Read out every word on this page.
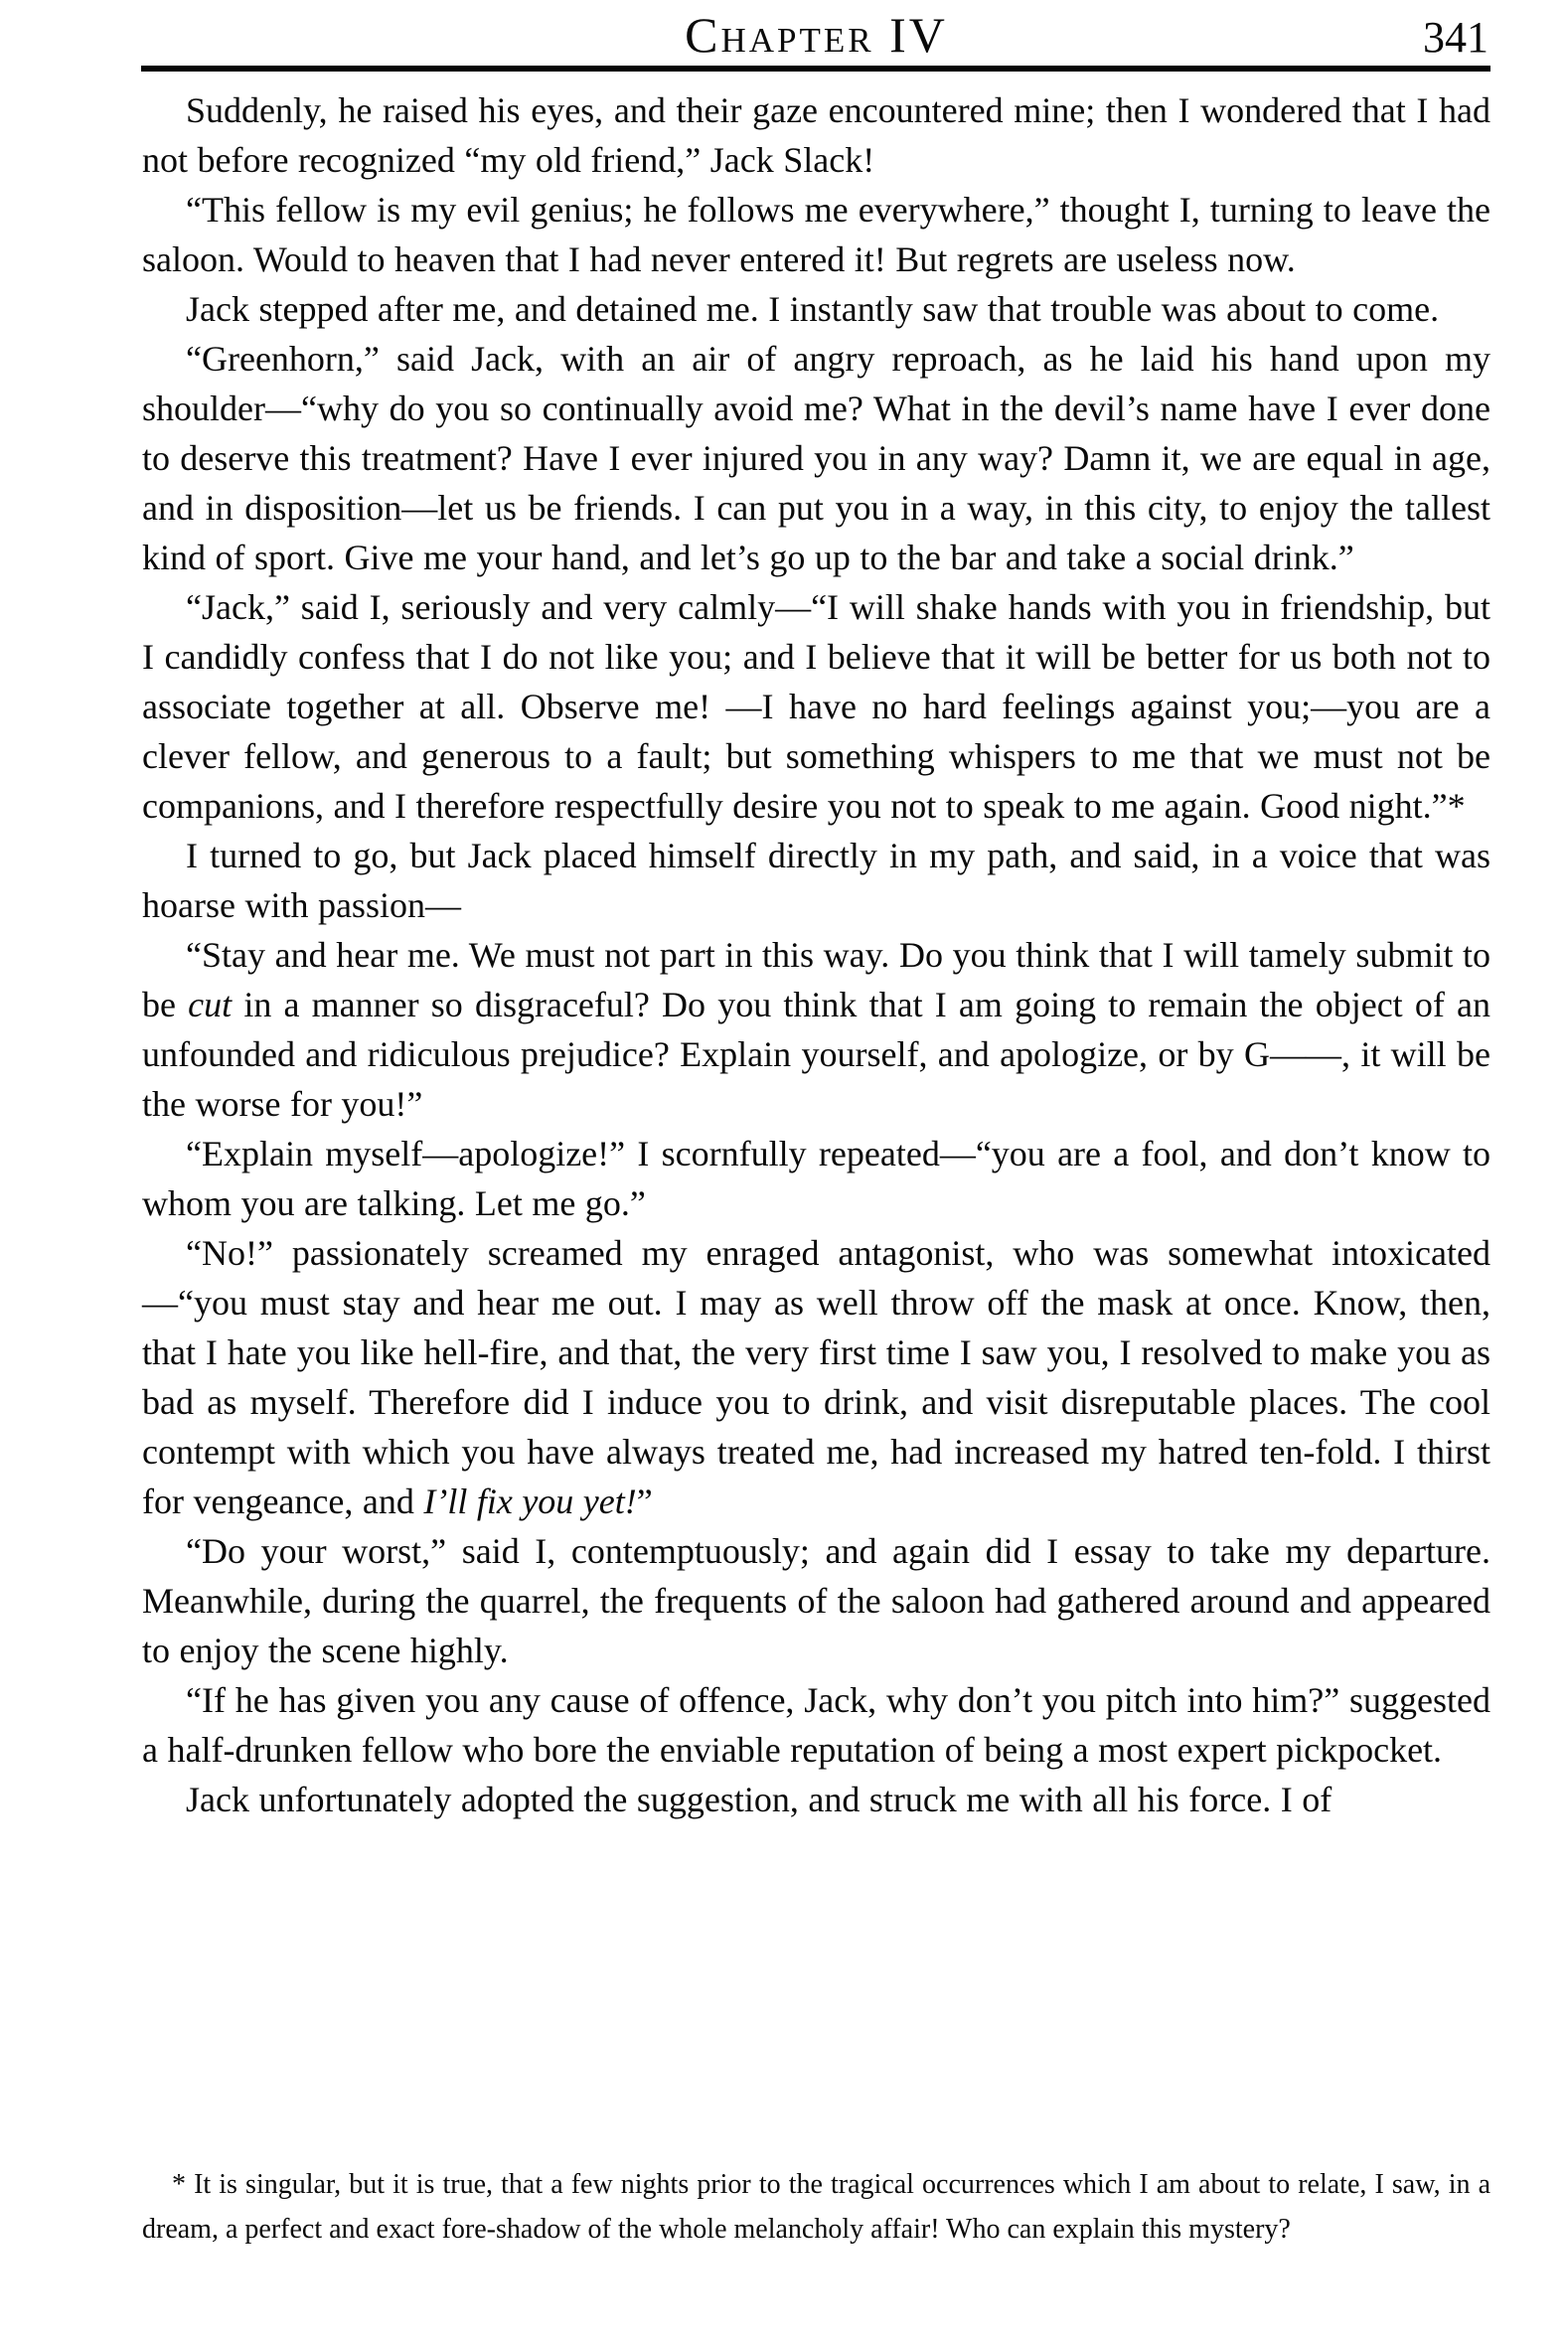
Chapter IV	341

Suddenly, he raised his eyes, and their gaze encountered mine; then I wondered that I had not before recognized “my old friend,” Jack Slack!

“This fellow is my evil genius; he follows me everywhere,” thought I, turning to leave the saloon. Would to heaven that I had never entered it! But regrets are useless now.

Jack stepped after me, and detained me. I instantly saw that trouble was about to come.

“Greenhorn,” said Jack, with an air of angry reproach, as he laid his hand upon my shoulder—“why do you so continually avoid me? What in the devil’s name have I ever done to deserve this treatment? Have I ever injured you in any way? Damn it, we are equal in age, and in disposition—let us be friends. I can put you in a way, in this city, to enjoy the tallest kind of sport. Give me your hand, and let’s go up to the bar and take a social drink.”

“Jack,” said I, seriously and very calmly—“I will shake hands with you in friendship, but I candidly confess that I do not like you; and I believe that it will be better for us both not to associate together at all. Observe me! —I have no hard feelings against you;—you are a clever fellow, and generous to a fault; but something whispers to me that we must not be companions, and I therefore respectfully desire you not to speak to me again. Good night.”*

I turned to go, but Jack placed himself directly in my path, and said, in a voice that was hoarse with passion—

“Stay and hear me. We must not part in this way. Do you think that I will tamely submit to be cut in a manner so disgraceful? Do you think that I am going to remain the object of an unfounded and ridiculous prejudice? Explain yourself, and apologize, or by G——, it will be the worse for you!”

“Explain myself—apologize!” I scornfully repeated—“you are a fool, and don’t know to whom you are talking. Let me go.”

“No!” passionately screamed my enraged antagonist, who was somewhat intoxicated—“you must stay and hear me out. I may as well throw off the mask at once. Know, then, that I hate you like hell-fire, and that, the very first time I saw you, I resolved to make you as bad as myself. Therefore did I induce you to drink, and visit disreputable places. The cool contempt with which you have always treated me, had increased my hatred ten-fold. I thirst for vengeance, and I’ll fix you yet!”

“Do your worst,” said I, contemptuously; and again did I essay to take my departure. Meanwhile, during the quarrel, the frequents of the saloon had gathered around and appeared to enjoy the scene highly.

“If he has given you any cause of offence, Jack, why don’t you pitch into him?” suggested a half-drunken fellow who bore the enviable reputation of being a most expert pickpocket.

Jack unfortunately adopted the suggestion, and struck me with all his force. I of

* It is singular, but it is true, that a few nights prior to the tragical occurrences which I am about to relate, I saw, in a dream, a perfect and exact fore-shadow of the whole melancholy affair! Who can explain this mystery?
